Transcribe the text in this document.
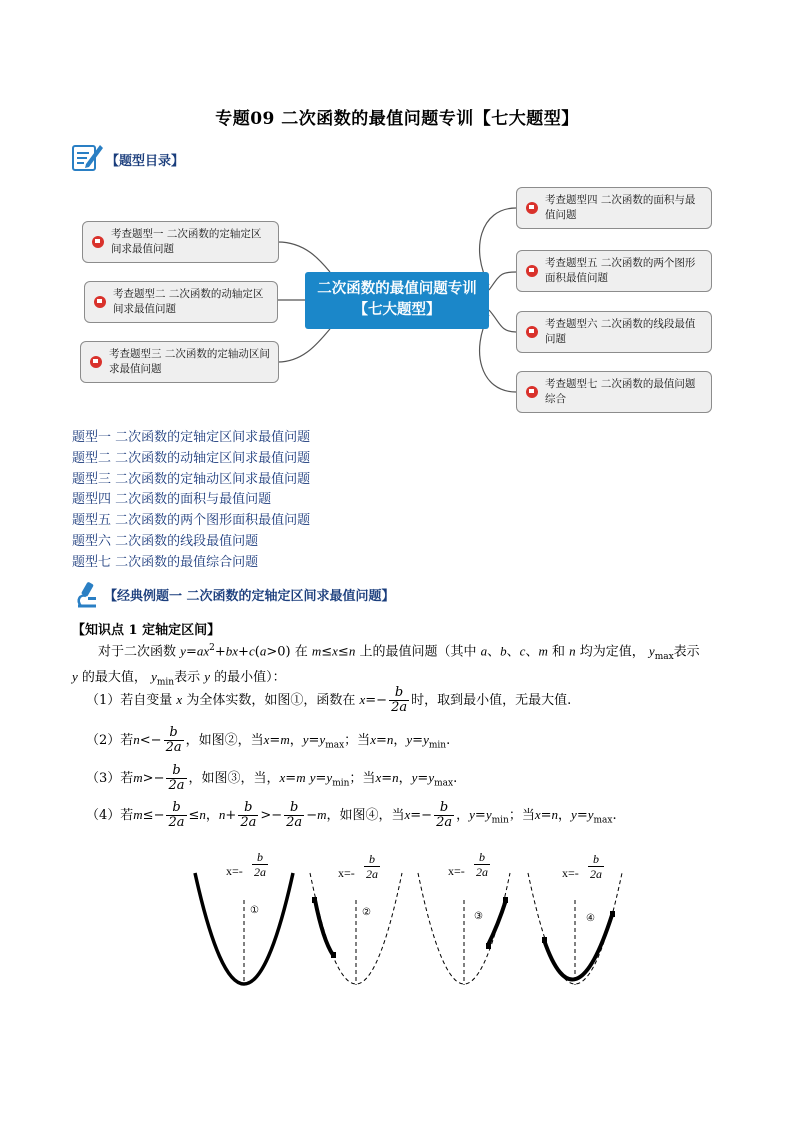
专题09 二次函数的最值问题专训【七大题型】
【题型目录】
考查题型一 二次函数的定轴定区间求最值问题
考查题型二 二次函数的动轴定区间求最值问题
考查题型三 二次函数的定轴动区间求最值问题
二次函数的最值问题专训【七大题型】
考查题型四 二次函数的面积与最值问题
考查题型五 二次函数的两个图形面积最值问题
考查题型六 二次函数的线段最值问题
考查题型七 二次函数的最值问题综合
题型一 二次函数的定轴定区间求最值问题
题型二 二次函数的动轴定区间求最值问题
题型三 二次函数的定轴动区间求最值问题
题型四 二次函数的面积与最值问题
题型五 二次函数的两个图形面积最值问题
题型六 二次函数的线段最值问题
题型七 二次函数的最值综合问题
【经典例题一 二次函数的定轴定区间求最值问题】
【知识点 1 定轴定区间】
对于二次函数 $y=ax^2+bx+c(a>0)$ 在 m≤x≤n 上的最值问题（其中 a、b、c、m 和 n 均为定值， $y_{max}$表示
y 的最大值， $y_{min}$表示 y 的最小值）：
（1）若自变量 x 为全体实数，如图①，函数在 $x=- \frac{b}{2a}$ 时，取到最小值，无最大值.
（2）若$n<- \frac{b}{2a}$ ，如图②，当x=m，$y=y_{max}$；当x=n，$y=y_{min}$.
（3）若$m>- \frac{b}{2a}$ ，如图③，当，x=m $y=y_{min}$；当x=n，$y=y_{max}$.
（4）若$m\le- \frac{b}{2a} \le n$，$n+ \frac{b}{2a} >- \frac{b}{2a} -m$，如图④，当$x=- \frac{b}{2a}$ ，$y=y_{min}$；当x=n，$y=y_{max}$.
$x=- \frac{b}{2a}$
①
$x=- \frac{b}{2a}$
②
$x=- \frac{b}{2a}$
③
$x=- \frac{b}{2a}$
④
